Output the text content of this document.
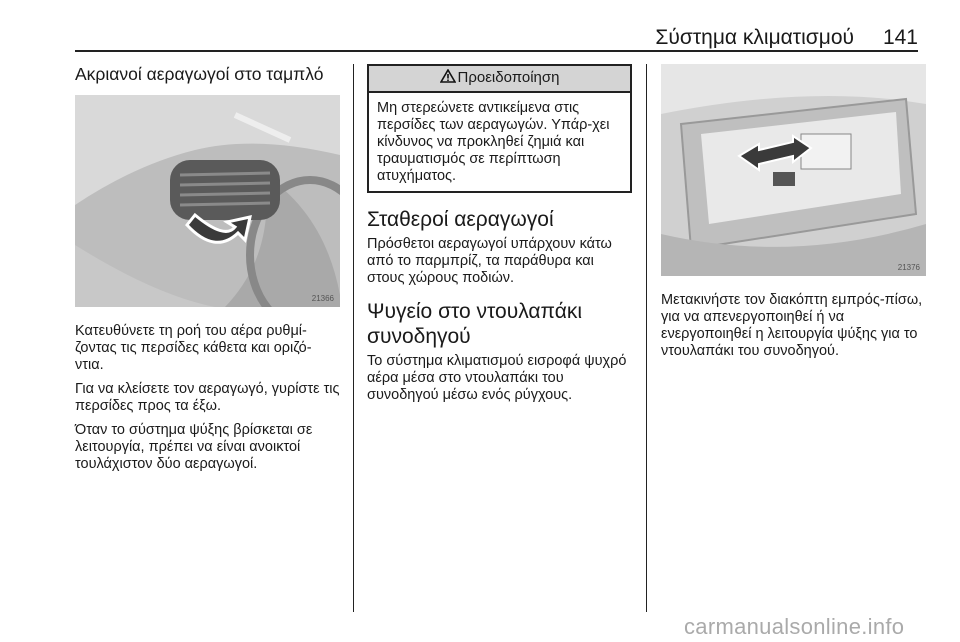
Σύστημα κλιματισμού 141
Ακριανοί αεραγωγοί στο ταμπλό
21366

Κατευθύνετε τη ροή του αέρα ρυθμί-ζοντας τις περσίδες κάθετα και οριζό-ντια.

Για να κλείσετε τον αεραγωγό, γυρίστε τις περσίδες προς τα έξω.

Όταν το σύστημα ψύξης βρίσκεται σε λειτουργία, πρέπει να είναι ανοικτοί τουλάχιστον δύο αεραγωγοί.

Προειδοποίηση
Μη στερεώνετε αντικείμενα στις περσίδες των αεραγωγών. Υπάρ-χει κίνδυνος να προκληθεί ζημιά και τραυματισμός σε περίπτωση ατυχήματος.
Σταθεροί αεραγωγοί

Πρόσθετοι αεραγωγοί υπάρχουν κάτω από το παρμπρίζ, τα παράθυρα και στους χώρους ποδιών.

Ψυγείο στο ντουλαπάκι συνοδηγού

Το σύστημα κλιματισμού εισροφά ψυχρό αέρα μέσα στο ντουλαπάκι του συνοδηγού μέσω ενός ρύγχους.

21376

Μετακινήστε τον διακόπτη εμπρός-πίσω, για να απενεργοποιηθεί ή να ενεργοποιηθεί η λειτουργία ψύξης για το ντουλαπάκι του συνοδηγού.

carmanualsonline.info
